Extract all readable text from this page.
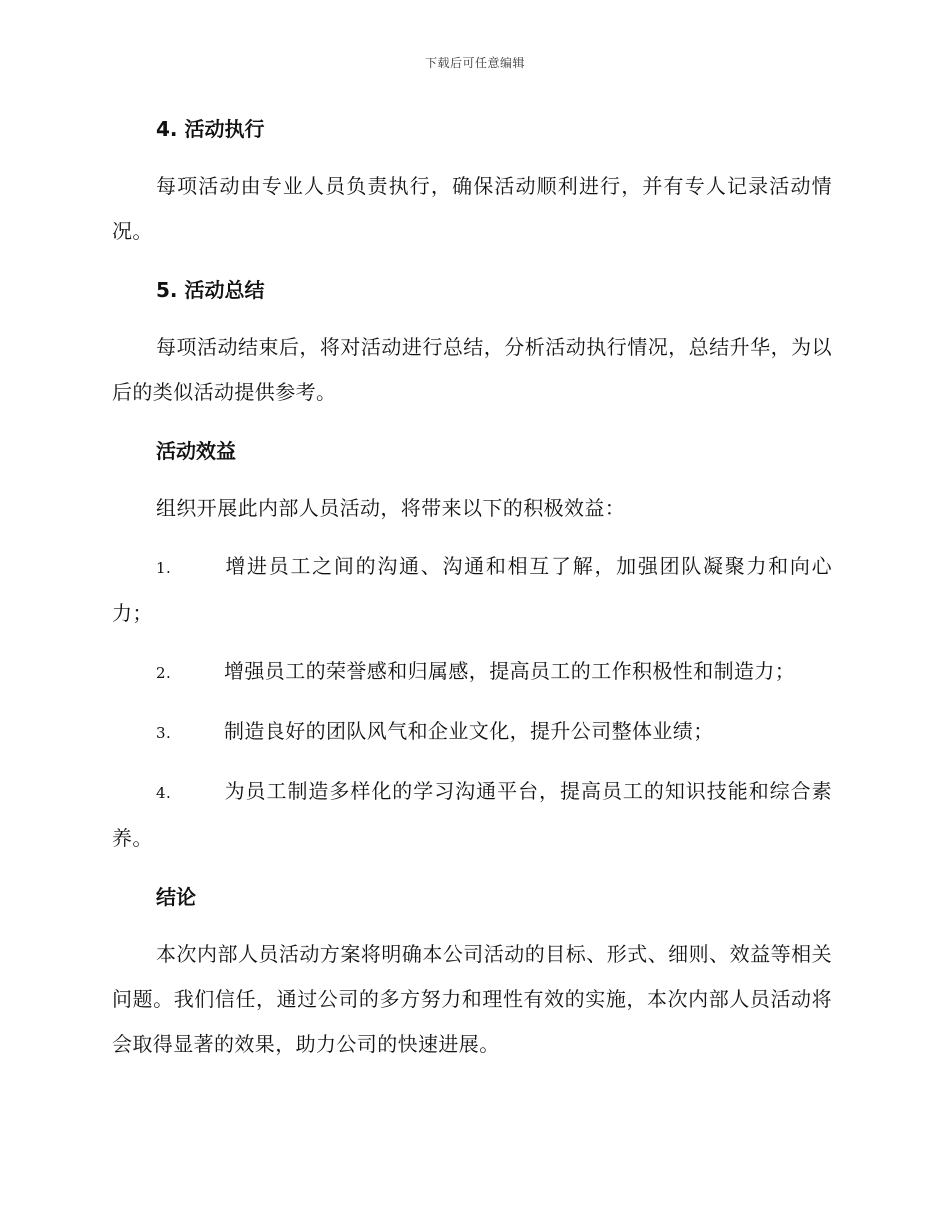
下载后可任意编辑
4. 活动执行
每项活动由专业人员负责执行，确保活动顺利进行，并有专人记录活动情况。
5. 活动总结
每项活动结束后，将对活动进行总结，分析活动执行情况，总结升华，为以后的类似活动提供参考。
活动效益
组织开展此内部人员活动，将带来以下的积极效益：
1.	增进员工之间的沟通、沟通和相互了解，加强团队凝聚力和向心力；
2.	增强员工的荣誉感和归属感，提高员工的工作积极性和制造力；
3.	制造良好的团队风气和企业文化，提升公司整体业绩；
4.	为员工制造多样化的学习沟通平台，提高员工的知识技能和综合素养。
结论
本次内部人员活动方案将明确本公司活动的目标、形式、细则、效益等相关问题。我们信任，通过公司的多方努力和理性有效的实施，本次内部人员活动将会取得显著的效果，助力公司的快速进展。
